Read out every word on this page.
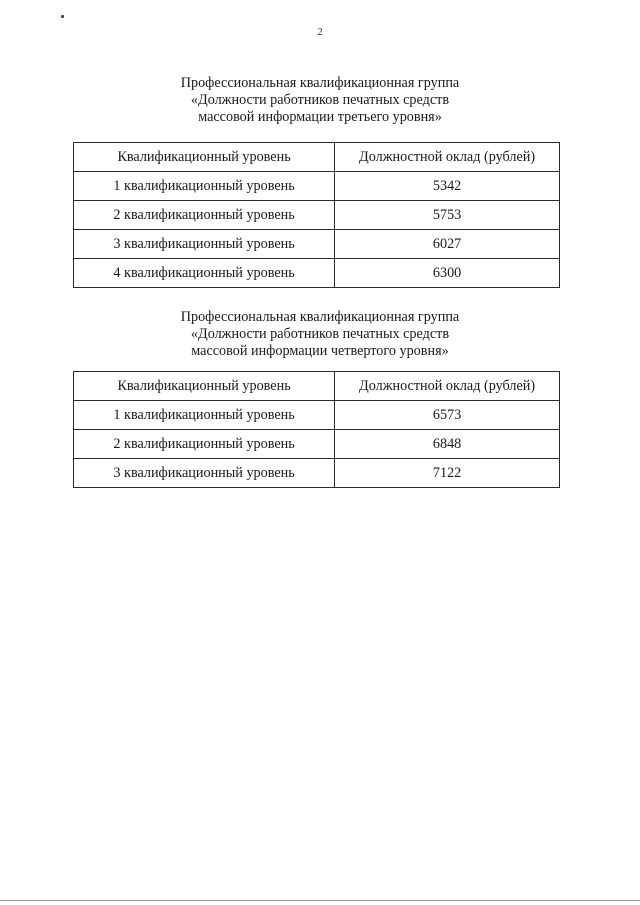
2
Профессиональная квалификационная группа
«Должности работников печатных средств
массовой информации третьего уровня»
Квалификационный уровень	Должностной оклад (рублей)
1 квалификационный уровень	5342
2 квалификационный уровень	5753
3 квалификационный уровень	6027
4 квалификационный уровень	6300
Профессиональная квалификационная группа
«Должности работников печатных средств
массовой информации четвертого уровня»
Квалификационный уровень	Должностной оклад (рублей)
1 квалификационный уровень	6573
2 квалификационный уровень	6848
3 квалификационный уровень	7122
